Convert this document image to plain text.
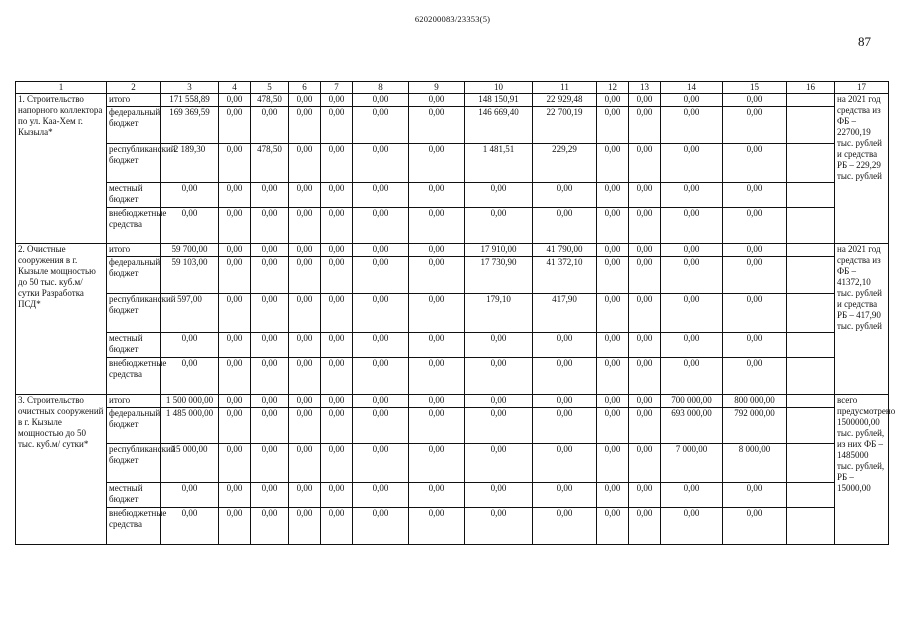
620200083/23353(5)
87
1	2	3	4	5	6	7	8	9	10	11	12	13	14	15	16	17
1. Строительство напорного коллектора по ул. Каа-Хем г. Кызыла*	итого	171 558,89	0,00	478,50	0,00	0,00	0,00	0,00	148 150,91	22 929,48	0,00	0,00	0,00	0,00		на 2021 год средства из ФБ – 22700,19 тыс. рублей и средства РБ – 229,29 тыс. рублей
	федеральный бюджет	169 369,59	0,00	0,00	0,00	0,00	0,00	0,00	146 669,40	22 700,19	0,00	0,00	0,00	0,00		
	республиканский бюджет	2 189,30	0,00	478,50	0,00	0,00	0,00	0,00	1 481,51	229,29	0,00	0,00	0,00	0,00		
	местный бюджет	0,00	0,00	0,00	0,00	0,00	0,00	0,00	0,00	0,00	0,00	0,00	0,00	0,00		
	внебюджетные средства	0,00	0,00	0,00	0,00	0,00	0,00	0,00	0,00	0,00	0,00	0,00	0,00	0,00		
2. Очистные сооружения в г. Кызыле мощностью до 50 тыс. куб.м/ сутки Разработка ПСД*	итого	59 700,00	0,00	0,00	0,00	0,00	0,00	0,00	17 910,00	41 790,00	0,00	0,00	0,00	0,00		на 2021 год средства из ФБ – 41372,10 тыс. рублей и средства РБ – 417,90 тыс. рублей
	федеральный бюджет	59 103,00	0,00	0,00	0,00	0,00	0,00	0,00	17 730,90	41 372,10	0,00	0,00	0,00	0,00		
	республиканский бюджет	597,00	0,00	0,00	0,00	0,00	0,00	0,00	179,10	417,90	0,00	0,00	0,00	0,00		
	местный бюджет	0,00	0,00	0,00	0,00	0,00	0,00	0,00	0,00	0,00	0,00	0,00	0,00	0,00		
	внебюджетные средства	0,00	0,00	0,00	0,00	0,00	0,00	0,00	0,00	0,00	0,00	0,00	0,00	0,00		
3. Строительство очистных сооружений в г. Кызыле мощностью до 50 тыс. куб.м/ сутки*	итого	1 500 000,00	0,00	0,00	0,00	0,00	0,00	0,00	0,00	0,00	0,00	0,00	700 000,00	800 000,00		всего предусмотрено 1500000,00 тыс. рублей, из них ФБ – 1485000 тыс. рублей, РБ – 15000,00
	федеральный бюджет	1 485 000,00	0,00	0,00	0,00	0,00	0,00	0,00	0,00	0,00	0,00	0,00	693 000,00	792 000,00		
	республиканский бюджет	15 000,00	0,00	0,00	0,00	0,00	0,00	0,00	0,00	0,00	0,00	0,00	7 000,00	8 000,00		
	местный бюджет	0,00	0,00	0,00	0,00	0,00	0,00	0,00	0,00	0,00	0,00	0,00	0,00	0,00		
	внебюджетные средства	0,00	0,00	0,00	0,00	0,00	0,00	0,00	0,00	0,00	0,00	0,00	0,00	0,00		
